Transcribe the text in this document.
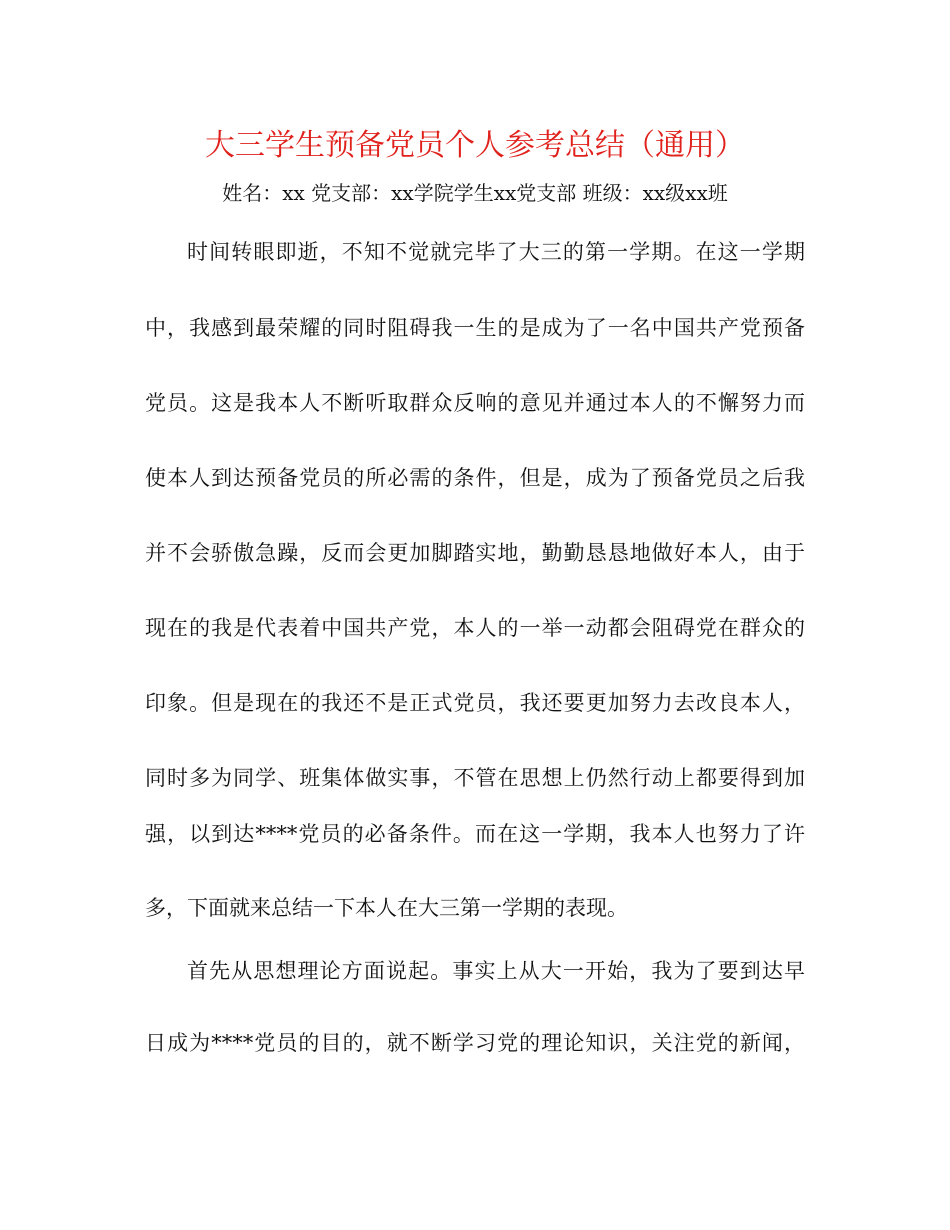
大三学生预备党员个人参考总结（通用）
姓名：xx 党支部：xx学院学生xx党支部 班级：xx级xx班
时间转眼即逝，不知不觉就完毕了大三的第一学期。在这一学期
中，我感到最荣耀的同时阻碍我一生的是成为了一名中国共产党预备
党员。这是我本人不断听取群众反响的意见并通过本人的不懈努力而
使本人到达预备党员的所必需的条件，但是，成为了预备党员之后我
并不会骄傲急躁，反而会更加脚踏实地，勤勤恳恳地做好本人，由于
现在的我是代表着中国共产党，本人的一举一动都会阻碍党在群众的
印象。但是现在的我还不是正式党员，我还要更加努力去改良本人，
同时多为同学、班集体做实事，不管在思想上仍然行动上都要得到加
强，以到达****党员的必备条件。而在这一学期，我本人也努力了许
多，下面就来总结一下本人在大三第一学期的表现。
首先从思想理论方面说起。事实上从大一开始，我为了要到达早
日成为****党员的目的，就不断学习党的理论知识，关注党的新闻，
